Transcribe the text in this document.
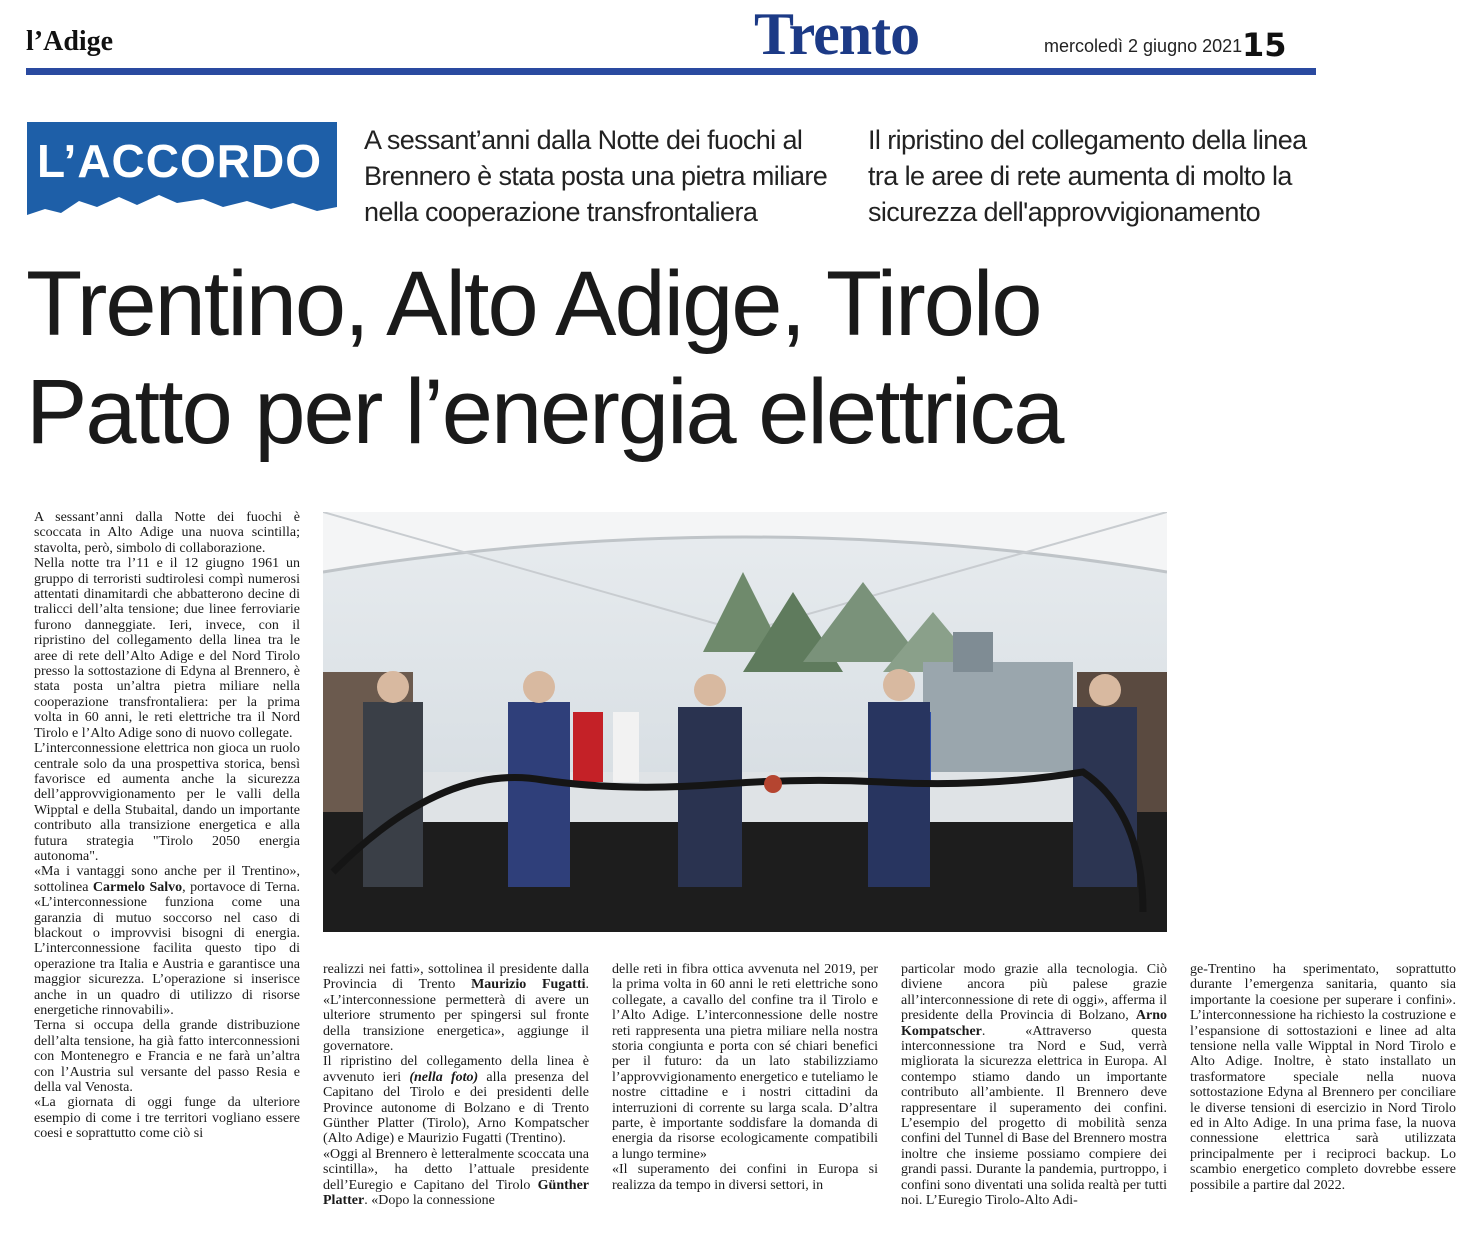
l’Adige	Trento	mercoledì 2 giugno 2021 15
L’ACCORDO A sessant’anni dalla Notte dei fuochi al Brennero è stata posta una pietra miliare nella cooperazione transfrontaliera
Il ripristino del collegamento della linea tra le aree di rete aumenta di molto la sicurezza dell'approvvigionamento
Trentino, Alto Adige, Tirolo
Patto per l’energia elettrica

A sessant’anni dalla Notte dei fuochi è scoccata in Alto Adige una nuova scintilla; stavolta, però, simbolo di collaborazione.

Nella notte tra l’11 e il 12 giugno 1961 un gruppo di terroristi sudtirolesi compì numerosi attentati dinamitardi che abbatterono decine di tralicci dell’alta tensione; due linee ferroviarie furono danneggiate. Ieri, invece, con il ripristino del collegamento della linea tra le aree di rete dell’Alto Adige e del Nord Tirolo presso la sottostazione di Edyna al Brennero, è stata posta un’altra pietra miliare nella cooperazione transfrontaliera: per la prima volta in 60 anni, le reti elettriche tra il Nord Tirolo e l’Alto Adige sono di nuovo collegate.

L’interconnessione elettrica non gioca un ruolo centrale solo da una prospettiva storica, bensì favorisce ed aumenta anche la sicurezza dell’approvvigionamento per le valli della Wipptal e della Stubaital, dando un importante contributo alla transizione energetica e alla futura strategia "Tirolo 2050 energia autonoma".

«Ma i vantaggi sono anche per il Trentino», sottolinea Carmelo Salvo, portavoce di Terna. «L’interconnessione funziona come una garanzia di mutuo soccorso nel caso di blackout o improvvisi bisogni di energia. L’interconnessione facilita questo tipo di operazione tra Italia e Austria e garantisce una maggior sicurezza. L’operazione si inserisce anche in un quadro di utilizzo di risorse energetiche rinnovabili».

Terna si occupa della grande distribuzione dell’alta tensione, ha già fatto interconnessioni con Montenegro e Francia e ne farà un’altra con l’Austria sul versante del passo Resia e della val Venosta.

«La giornata di oggi funge da ulteriore esempio di come i tre territori vogliano essere coesi e soprattutto come ciò si

realizzi nei fatti», sottolinea il presidente dalla Provincia di Trento Maurizio Fugatti. «L’interconnessione permetterà di avere un ulteriore strumento per spingersi sul fronte della transizione energetica», aggiunge il governatore.

Il ripristino del collegamento della linea è avvenuto ieri (nella foto) alla presenza del Capitano del Tirolo e dei presidenti delle Province autonome di Bolzano e di Trento Günther Platter (Tirolo), Arno Kompatscher (Alto Adige) e Maurizio Fugatti (Trentino).

«Oggi al Brennero è letteralmente scoccata una scintilla», ha detto l’attuale presidente dell’Euregio e Capitano del Tirolo Günther Platter. «Dopo la connessione

delle reti in fibra ottica avvenuta nel 2019, per la prima volta in 60 anni le reti elettriche sono collegate, a cavallo del confine tra il Tirolo e l’Alto Adige. L’interconnessione delle nostre reti rappresenta una pietra miliare nella nostra storia congiunta e porta con sé chiari benefici per il futuro: da un lato stabilizziamo l’approvvigionamento energetico e tuteliamo le nostre cittadine e i nostri cittadini da interruzioni di corrente su larga scala. D’altra parte, è importante soddisfare la domanda di energia da risorse ecologicamente compatibili a lungo termine»

«Il superamento dei confini in Europa si realizza da tempo in diversi settori, in

particolar modo grazie alla tecnologia. Ciò diviene ancora più palese grazie all’interconnessione di rete di oggi», afferma il presidente della Provincia di Bolzano, Arno Kompatscher. «Attraverso questa interconnessione tra Nord e Sud, verrà migliorata la sicurezza elettrica in Europa. Al contempo stiamo dando un importante contributo all’ambiente. Il Brennero deve rappresentare il superamento dei confini. L’esempio del progetto di mobilità senza confini del Tunnel di Base del Brennero mostra inoltre che insieme possiamo compiere dei grandi passi. Durante la pandemia, purtroppo, i confini sono diventati una solida realtà per tutti noi. L’Euregio Tirolo-Alto Adi-

ge-Trentino ha sperimentato, soprattutto durante l’emergenza sanitaria, quanto sia importante la coesione per superare i confini». L’interconnessione ha richiesto la costruzione e l’espansione di sottostazioni e linee ad alta tensione nella valle Wipptal in Nord Tirolo e Alto Adige. Inoltre, è stato installato un trasformatore speciale nella nuova sottostazione Edyna al Brennero per conciliare le diverse tensioni di esercizio in Nord Tirolo ed in Alto Adige. In una prima fase, la nuova connessione elettrica sarà utilizzata principalmente per i reciproci backup. Lo scambio energetico completo dovrebbe essere possibile a partire dal 2022.
